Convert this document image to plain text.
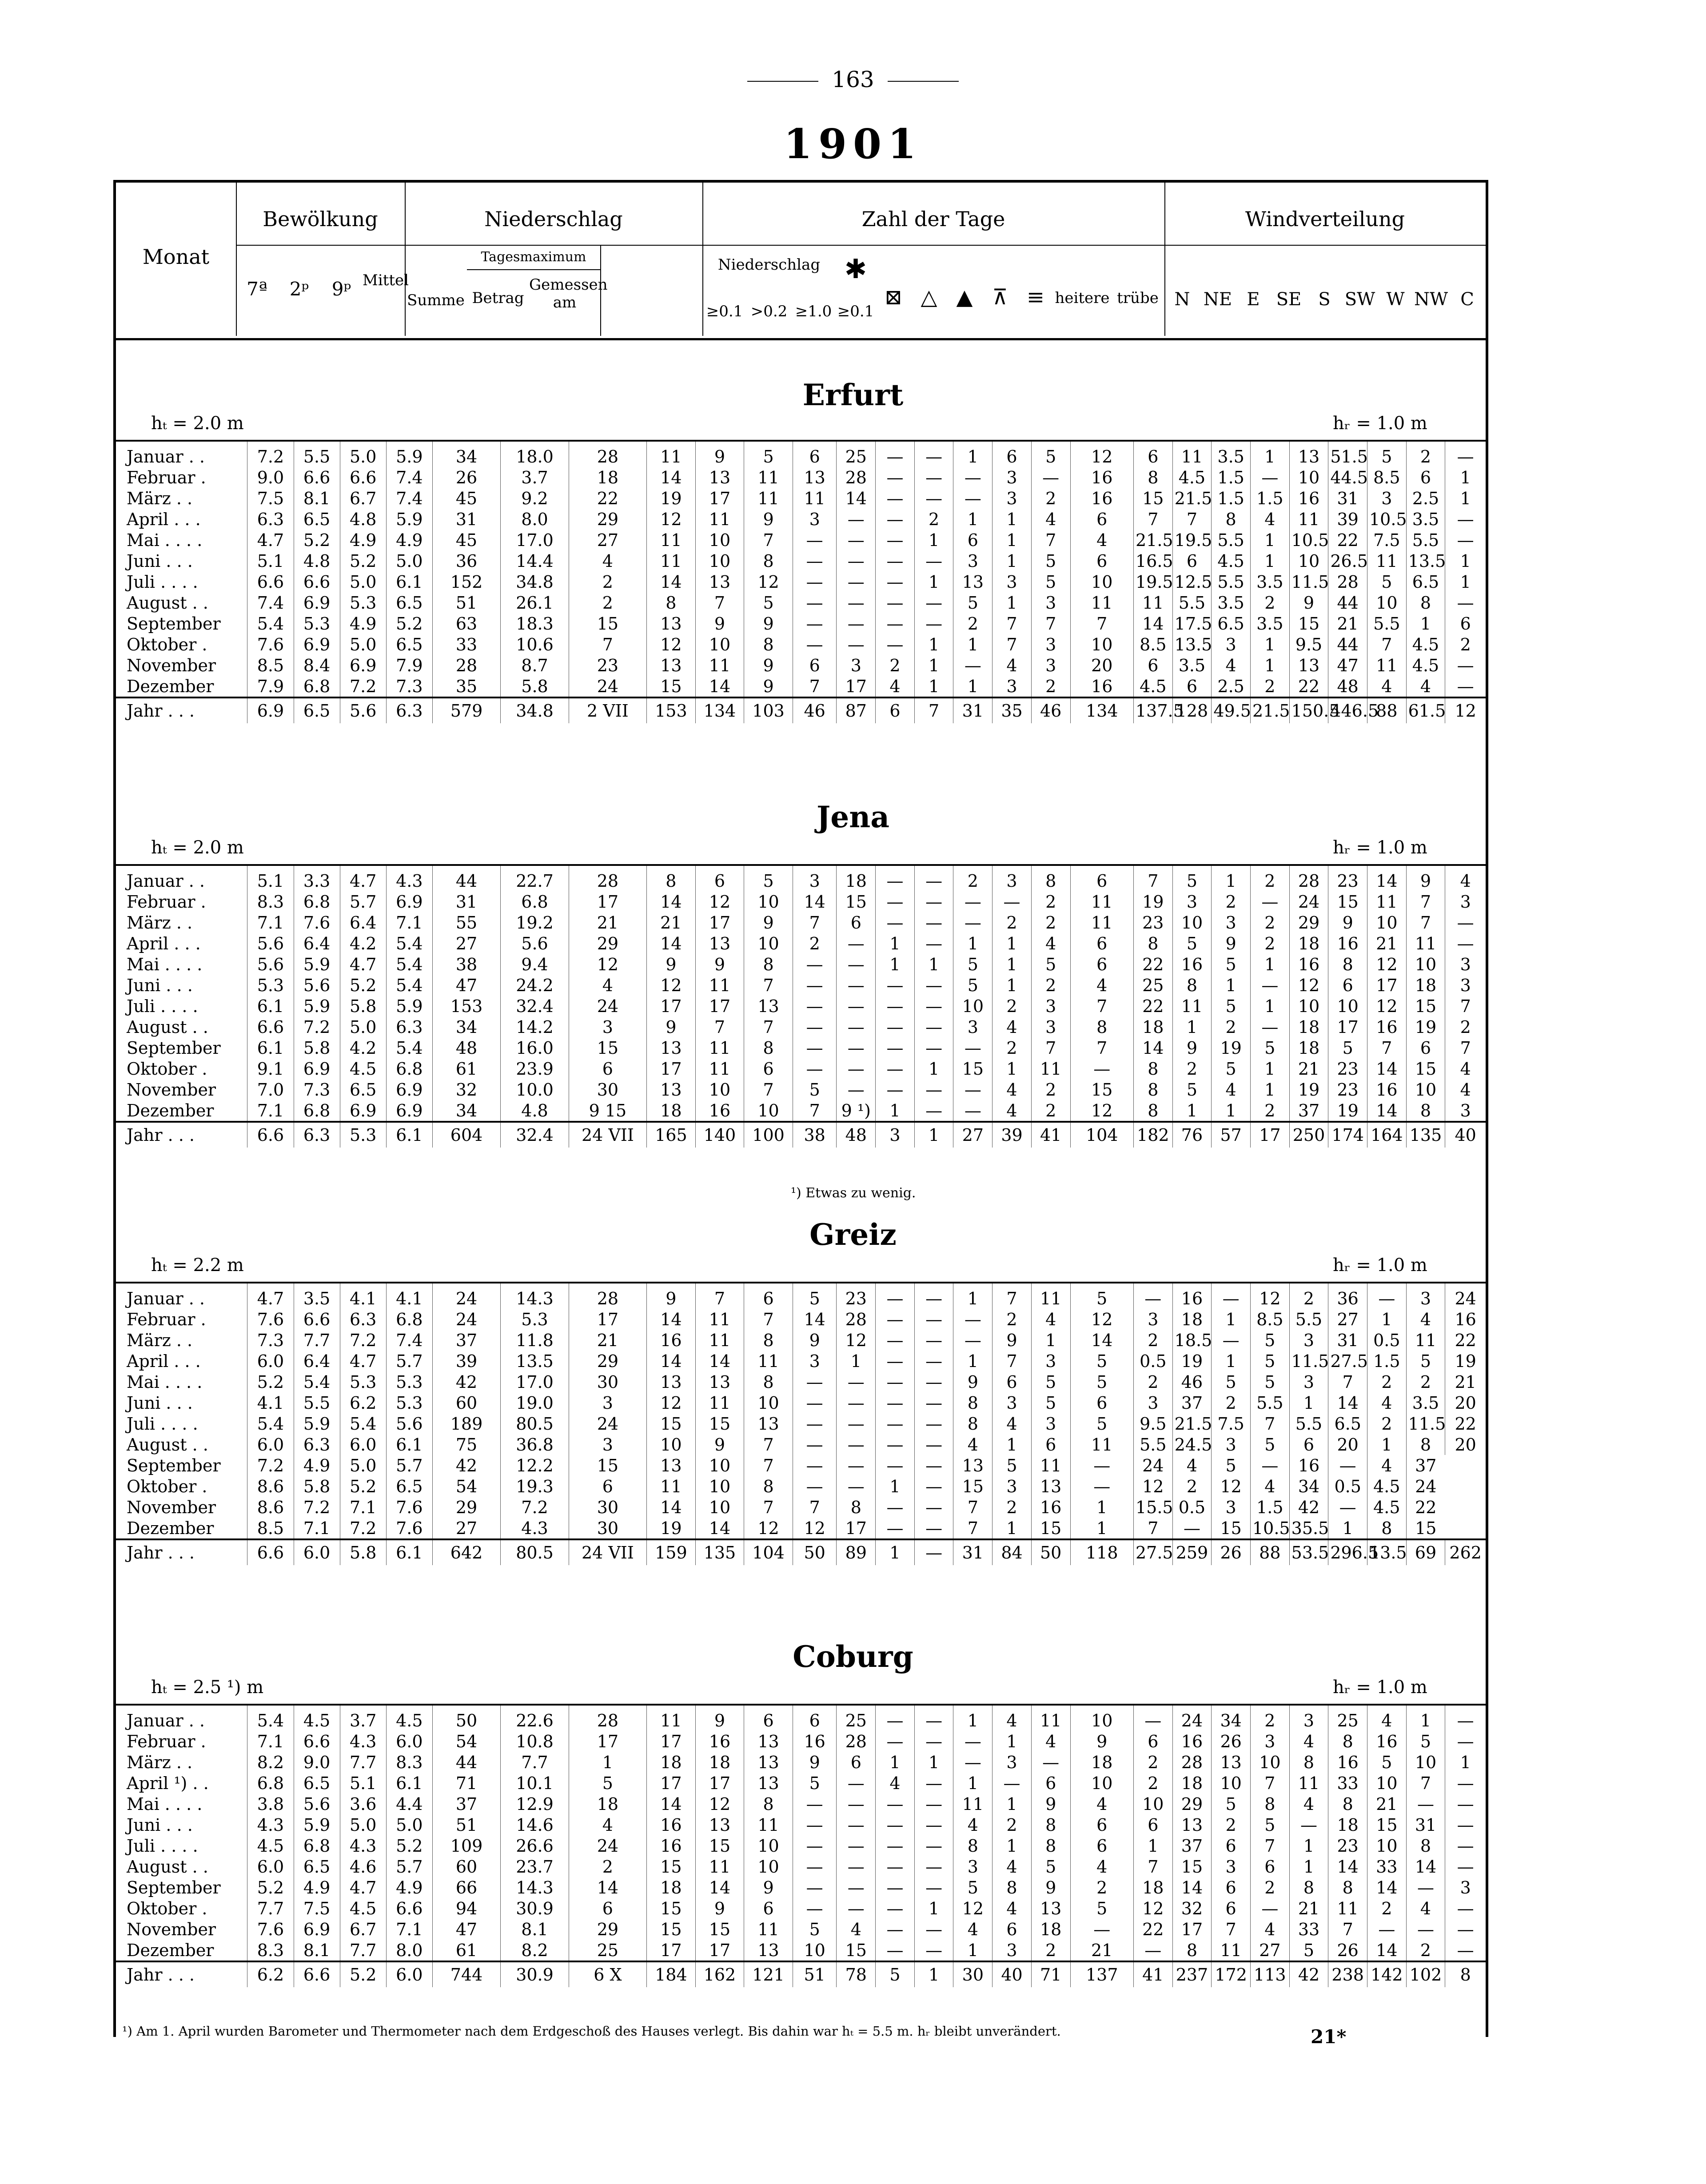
163
1901
Monat
Bewölkung
7ª	2ᵖ	9ᵖ Mittel
Niederschlag
Summe
Tagesmaximum
Betrag
Gemessen am
Zahl der Tage
Niederschlag
≥0.1 >0.2 ≥1.0
✱
≥0.1
⊠ △ ▲ ⊼ ≡ heitere trübe
Windverteilung
N NE E SE S SW W NW C
Erfurt
hₜ = 2.0 m	hᵣ = 1.0 m
Januar . .	7.2	5.5	5.0	5.9	34	18.0	28	11	9	5	6	25	—	—	1	6	5	12	6	11	3.5	1	13	51.5	5	2	—
Februar .	9.0	6.6	6.6	7.4	26	3.7	18	14	13	11	13	28	—	—	—	3	—	16	8	4.5	1.5	—	10	44.5	8.5	6	1
März . .	7.5	8.1	6.7	7.4	45	9.2	22	19	17	11	11	14	—	—	—	3	2	16	15	21.5	1.5	1.5	16	31	3	2.5	1
April . . .	6.3	6.5	4.8	5.9	31	8.0	29	12	11	9	3	—	—	2	1	1	4	6	7	7	8	4	11	39	10.5	3.5	—
Mai . . . .	4.7	5.2	4.9	4.9	45	17.0	27	11	10	7	—	—	—	1	6	1	7	4	21.5	19.5	5.5	1	10.5	22	7.5	5.5	—
Juni . . .	5.1	4.8	5.2	5.0	36	14.4	4	11	10	8	—	—	—	—	3	1	5	6	16.5	6	4.5	1	10	26.5	11	13.5	1
Juli . . . .	6.6	6.6	5.0	6.1	152	34.8	2	14	13	12	—	—	—	1	13	3	5	10	19.5	12.5	5.5	3.5	11.5	28	5	6.5	1
August . .	7.4	6.9	5.3	6.5	51	26.1	2	8	7	5	—	—	—	—	5	1	3	11	11	5.5	3.5	2	9	44	10	8	—
September	5.4	5.3	4.9	5.2	63	18.3	15	13	9	9	—	—	—	—	2	7	7	7	14	17.5	6.5	3.5	15	21	5.5	1	6
Oktober .	7.6	6.9	5.0	6.5	33	10.6	7	12	10	8	—	—	—	1	1	7	3	10	8.5	13.5	3	1	9.5	44	7	4.5	2
November	8.5	8.4	6.9	7.9	28	8.7	23	13	11	9	6	3	2	1	—	4	3	20	6	3.5	4	1	13	47	11	4.5	—
Dezember	7.9	6.8	7.2	7.3	35	5.8	24	15	14	9	7	17	4	1	1	3	2	16	4.5	6	2.5	2	22	48	4	4	—
Jahr . . .	6.9	6.5	5.6	6.3	579	34.8	2 VII	153	134	103	46	87	6	7	31	35	46	134	137.5	128	49.5	21.5	150.5	446.5	88	61.5	12
Jena
hₜ = 2.0 m	hᵣ = 1.0 m
Januar . .	5.1	3.3	4.7	4.3	44	22.7	28	8	6	5	3	18	—	—	2	3	8	6	7	5	1	2	28	23	14	9	4
Februar .	8.3	6.8	5.7	6.9	31	6.8	17	14	12	10	14	15	—	—	—	—	2	11	19	3	2	—	24	15	11	7	3
März . .	7.1	7.6	6.4	7.1	55	19.2	21	21	17	9	7	6	—	—	—	2	2	11	23	10	3	2	29	9	10	7	—
April . . .	5.6	6.4	4.2	5.4	27	5.6	29	14	13	10	2	—	1	—	1	1	4	6	8	5	9	2	18	16	21	11	—
Mai . . . .	5.6	5.9	4.7	5.4	38	9.4	12	9	9	8	—	—	1	1	5	1	5	6	22	16	5	1	16	8	12	10	3
Juni . . .	5.3	5.6	5.2	5.4	47	24.2	4	12	11	7	—	—	—	—	5	1	2	4	25	8	1	—	12	6	17	18	3
Juli . . . .	6.1	5.9	5.8	5.9	153	32.4	24	17	17	13	—	—	—	—	10	2	3	7	22	11	5	1	10	10	12	15	7
August . .	6.6	7.2	5.0	6.3	34	14.2	3	9	7	7	—	—	—	—	3	4	3	8	18	1	2	—	18	17	16	19	2
September	6.1	5.8	4.2	5.4	48	16.0	15	13	11	8	—	—	—	—	—	2	7	7	14	9	19	5	18	5	7	6	7
Oktober .	9.1	6.9	4.5	6.8	61	23.9	6	17	11	6	—	—	—	1	15	1	11	—	8	2	5	1	21	23	14	15	4
November	7.0	7.3	6.5	6.9	32	10.0	30	13	10	7	5	—	—	—	—	4	2	15	8	5	4	1	19	23	16	10	4
Dezember	7.1	6.8	6.9	6.9	34	4.8	9 15	18	16	10	7	9 ¹)	1	—	—	4	2	12	8	1	1	2	37	19	14	8	3
Jahr . . .	6.6	6.3	5.3	6.1	604	32.4	24 VII	165	140	100	38	48	3	1	27	39	41	104	182	76	57	17	250	174	164	135	40
¹) Etwas zu wenig.
Greiz
hₜ = 2.2 m	hᵣ = 1.0 m
Januar . .	4.7	3.5	4.1	4.1	24	14.3	28	9	7	6	5	23	—	—	1	7	11	5	—	16	—	12	2	36	—	3	24
Februar .	7.6	6.6	6.3	6.8	24	5.3	17	14	11	7	14	28	—	—	—	2	4	12	3	18	1	8.5	5.5	27	1	4	16
März . .	7.3	7.7	7.2	7.4	37	11.8	21	16	11	8	9	12	—	—	—	9	1	14	2	18.5	—	5	3	31	0.5	11	22
April . . .	6.0	6.4	4.7	5.7	39	13.5	29	14	14	11	3	1	—	—	1	7	3	5	0.5	19	1	5	11.5	27.5	1.5	5	19
Mai . . . .	5.2	5.4	5.3	5.3	42	17.0	30	13	13	8	—	—	—	—	9	6	5	5	2	46	5	5	3	7	2	2	21
Juni . . .	4.1	5.5	6.2	5.3	60	19.0	3	12	11	10	—	—	—	—	8	3	5	6	3	37	2	5.5	1	14	4	3.5	20
Juli . . . .	5.4	5.9	5.4	5.6	189	80.5	24	15	15	13	—	—	—	—	8	4	3	5	9.5	21.5	7.5	7	5.5	6.5	2	11.5	22
August . .	6.0	6.3	6.0	6.1	75	36.8	3	10	9	7	—	—	—	—	4	1	6	11	5.5	24.5	3	5	6	20	1	8	20
September	7.2	4.9	5.0	5.7	42	12.2	15	13	10	7	—	—	—	—	13	5	11	—	24	4	5	—	16	—	4	37	
Oktober .	8.6	5.8	5.2	6.5	54	19.3	6	11	10	8	—	—	1	—	15	3	13	—	12	2	12	4	34	0.5	4.5	24	
November	8.6	7.2	7.1	7.6	29	7.2	30	14	10	7	7	8	—	—	7	2	16	1	15.5	0.5	3	1.5	42	—	4.5	22	
Dezember	8.5	7.1	7.2	7.6	27	4.3	30	19	14	12	12	17	—	—	7	1	15	1	7	—	15	10.5	35.5	1	8	15	
Jahr . . .	6.6	6.0	5.8	6.1	642	80.5	24 VII	159	135	104	50	89	1	—	31	84	50	118	27.5	259	26	88	53.5	296.5	13.5	69	262
Coburg
hₜ = 2.5 ¹) m	hᵣ = 1.0 m
Januar . .	5.4	4.5	3.7	4.5	50	22.6	28	11	9	6	6	25	—	—	1	4	11	10	—	24	34	2	3	25	4	1	—
Februar .	7.1	6.6	4.3	6.0	54	10.8	17	17	16	13	16	28	—	—	—	1	4	9	6	16	26	3	4	8	16	5	—
März . .	8.2	9.0	7.7	8.3	44	7.7	1	18	18	13	9	6	1	1	—	3	—	18	2	28	13	10	8	16	5	10	1
April ¹) . .	6.8	6.5	5.1	6.1	71	10.1	5	17	17	13	5	—	4	—	1	—	6	10	2	18	10	7	11	33	10	7	—
Mai . . . .	3.8	5.6	3.6	4.4	37	12.9	18	14	12	8	—	—	—	—	11	1	9	4	10	29	5	8	4	8	21	—	—
Juni . . .	4.3	5.9	5.0	5.0	51	14.6	4	16	13	11	—	—	—	—	4	2	8	6	6	13	2	5	—	18	15	31	—
Juli . . . .	4.5	6.8	4.3	5.2	109	26.6	24	16	15	10	—	—	—	—	8	1	8	6	1	37	6	7	1	23	10	8	—
August . .	6.0	6.5	4.6	5.7	60	23.7	2	15	11	10	—	—	—	—	3	4	5	4	7	15	3	6	1	14	33	14	—
September	5.2	4.9	4.7	4.9	66	14.3	14	18	14	9	—	—	—	—	5	8	9	2	18	14	6	2	8	8	14	—	3
Oktober .	7.7	7.5	4.5	6.6	94	30.9	6	15	9	6	—	—	—	1	12	4	13	5	12	32	6	—	21	11	2	4	—
November	7.6	6.9	6.7	7.1	47	8.1	29	15	15	11	5	4	—	—	4	6	18	—	22	17	7	4	33	7	—	—	—
Dezember	8.3	8.1	7.7	8.0	61	8.2	25	17	17	13	10	15	—	—	1	3	2	21	—	8	11	27	5	26	14	2	—
Jahr . . .	6.2	6.6	5.2	6.0	744	30.9	6 X	184	162	121	51	78	5	1	30	40	71	137	41	237	172	113	42	238	142	102	8
¹) Am 1. April wurden Barometer und Thermometer nach dem Erdgeschoß des Hauses verlegt. Bis dahin war hₜ = 5.5 m. hᵣ bleibt unverändert.	21*
